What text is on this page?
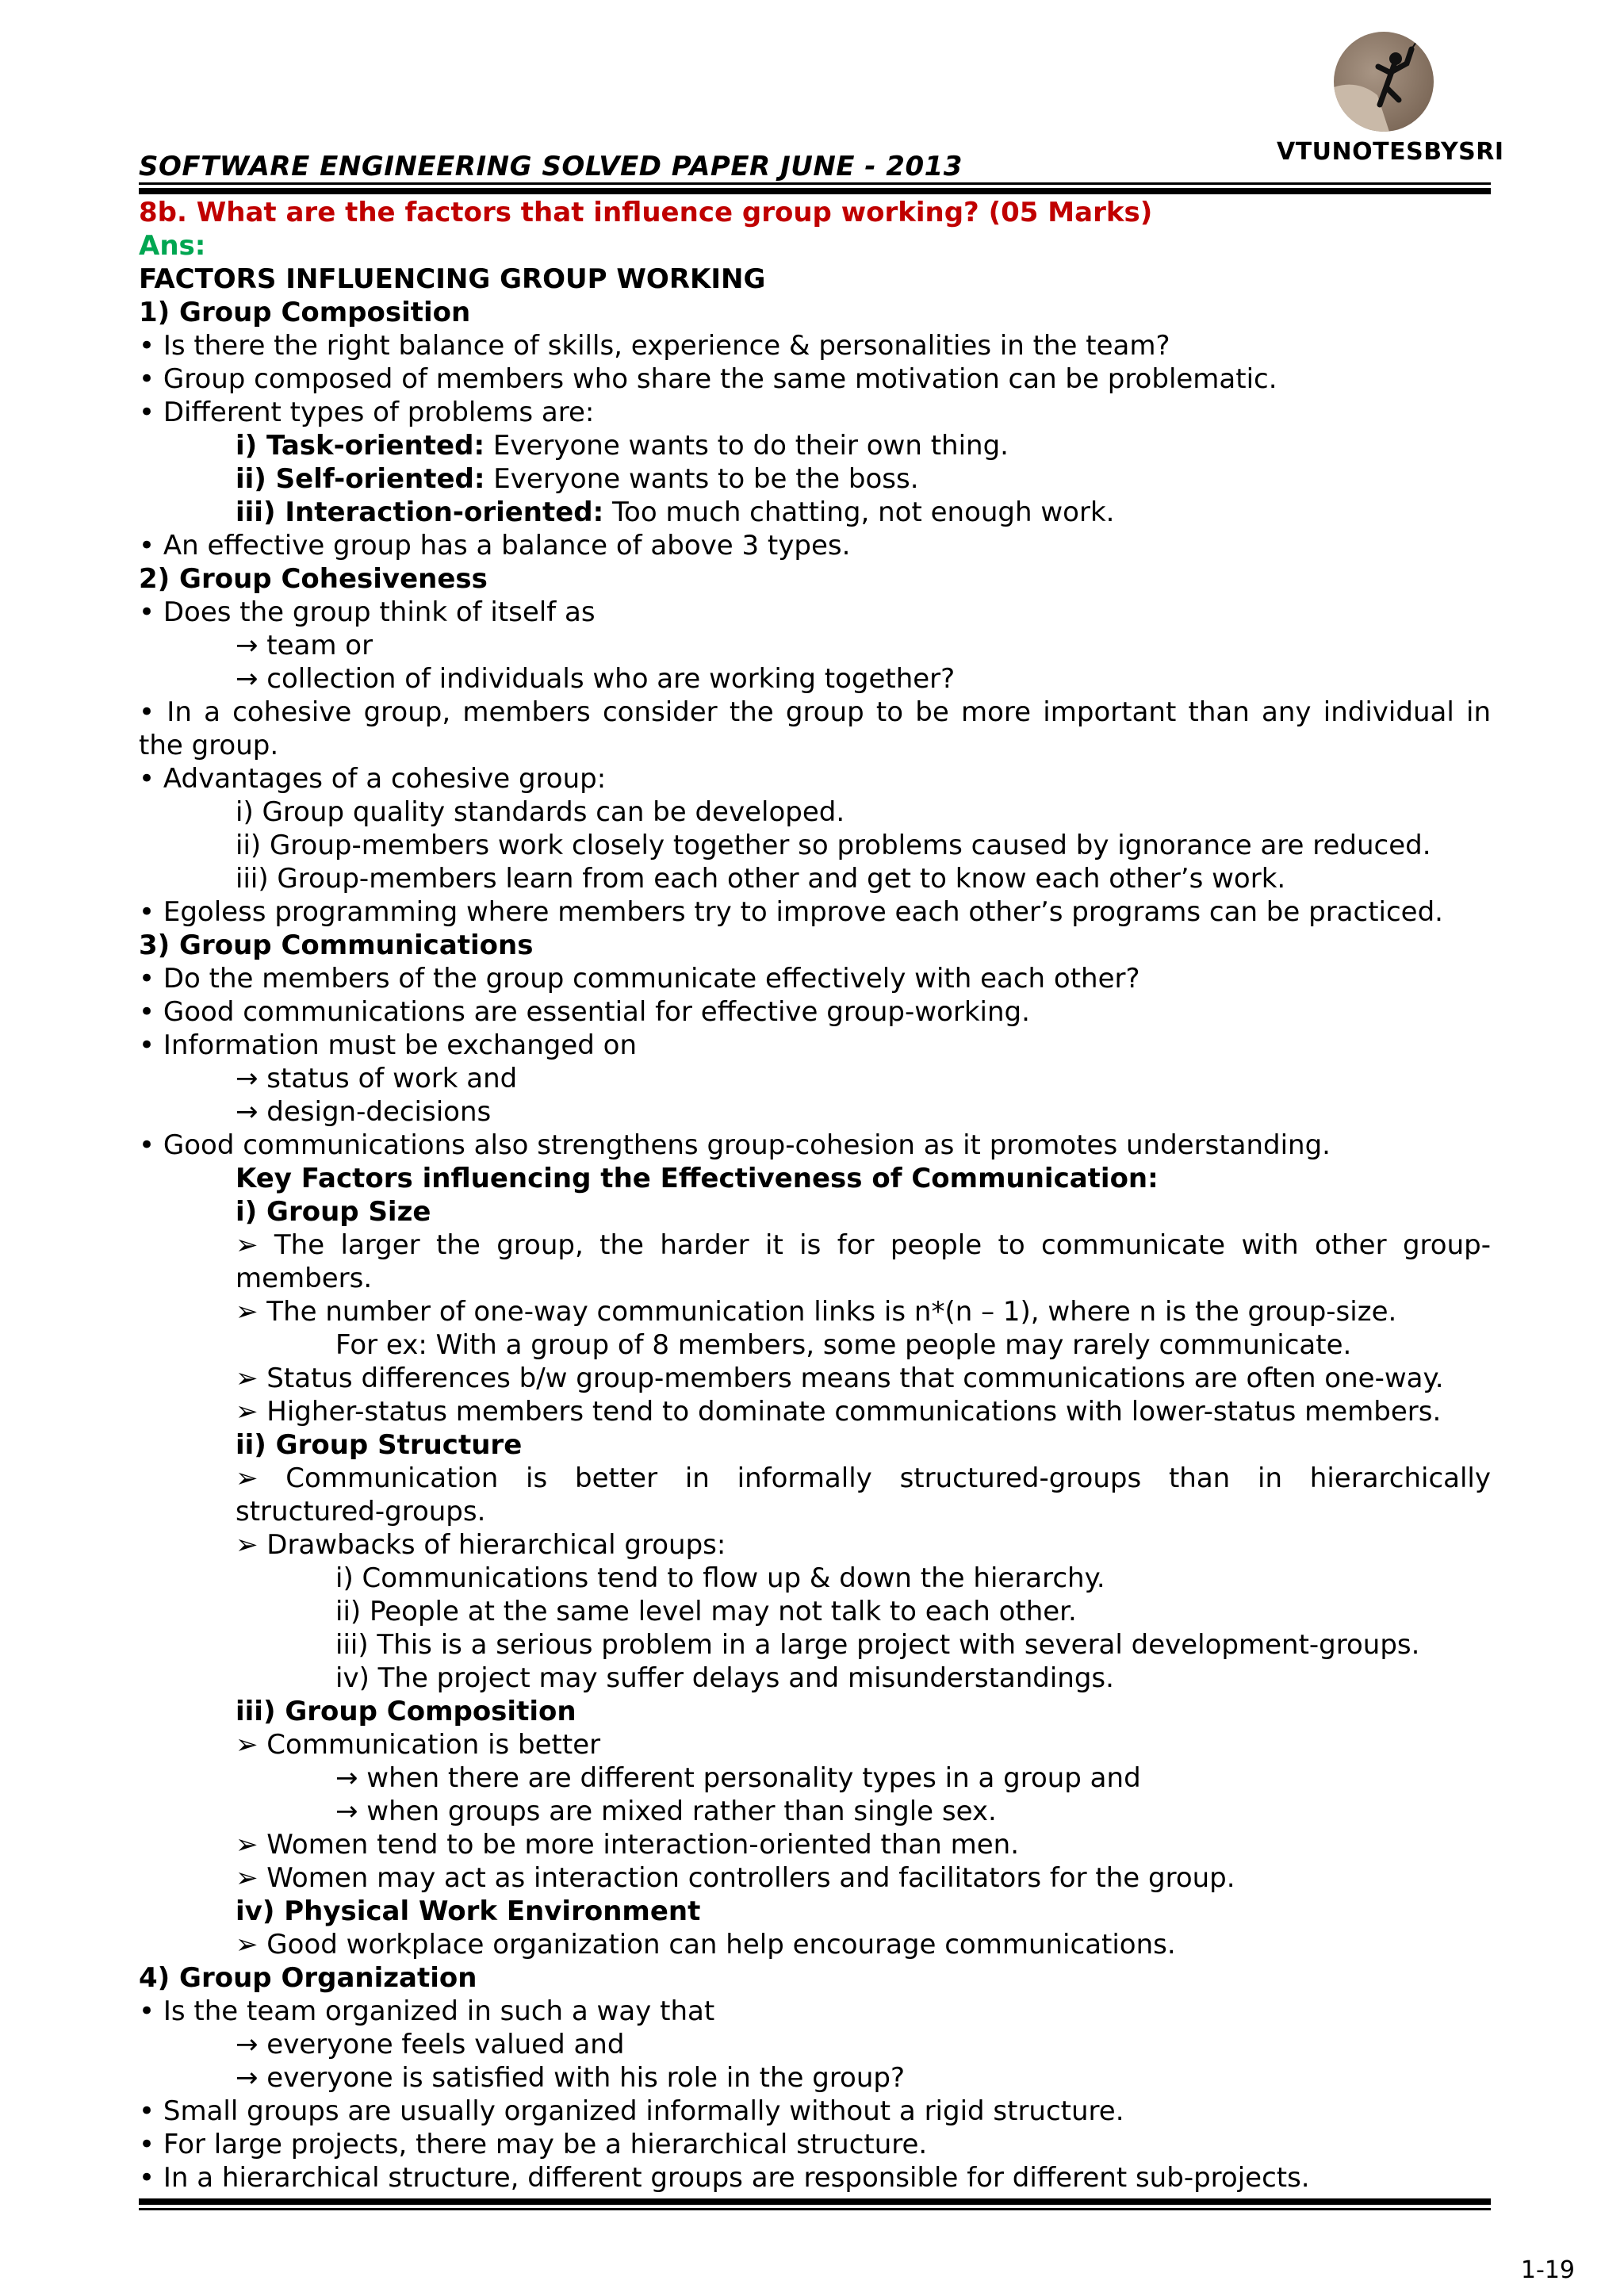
SOFTWARE ENGINEERING SOLVED PAPER JUNE - 2013	VTUNOTESBYSRI

8b. What are the factors that influence group working? (05 Marks)

Ans:

FACTORS INFLUENCING GROUP WORKING

1) Group Composition

• Is there the right balance of skills, experience & personalities in the team?

• Group composed of members who share the same motivation can be problematic.

• Different types of problems are:

i) Task-oriented: Everyone wants to do their own thing.

ii) Self-oriented: Everyone wants to be the boss.

iii) Interaction-oriented: Too much chatting, not enough work.

• An effective group has a balance of above 3 types.

2) Group Cohesiveness

• Does the group think of itself as

→ team or

→ collection of individuals who are working together?

• In a cohesive group, members consider the group to be more important than any individual in

the group.

• Advantages of a cohesive group:

i) Group quality standards can be developed.

ii) Group-members work closely together so problems caused by ignorance are reduced.

iii) Group-members learn from each other and get to know each other’s work.

• Egoless programming where members try to improve each other’s programs can be practiced.

3) Group Communications

• Do the members of the group communicate effectively with each other?

• Good communications are essential for effective group-working.

• Information must be exchanged on

→ status of work and

→ design-decisions

• Good communications also strengthens group-cohesion as it promotes understanding.

Key Factors influencing the Effectiveness of Communication:

i) Group Size

➢ The larger the group, the harder it is for people to communicate with other group-

members.

➢ The number of one-way communication links is n*(n – 1), where n is the group-size.

For ex: With a group of 8 members, some people may rarely communicate.

➢ Status differences b/w group-members means that communications are often one-way.

➢ Higher-status members tend to dominate communications with lower-status members.

ii) Group Structure

➢ Communication is better in informally structured-groups than in hierarchically

structured-groups.

➢ Drawbacks of hierarchical groups:

i) Communications tend to flow up & down the hierarchy.

ii) People at the same level may not talk to each other.

iii) This is a serious problem in a large project with several development-groups.

iv) The project may suffer delays and misunderstandings.

iii) Group Composition

➢ Communication is better

→ when there are different personality types in a group and

→ when groups are mixed rather than single sex.

➢ Women tend to be more interaction-oriented than men.

➢ Women may act as interaction controllers and facilitators for the group.

iv) Physical Work Environment

➢ Good workplace organization can help encourage communications.

4) Group Organization

• Is the team organized in such a way that

→ everyone feels valued and

→ everyone is satisfied with his role in the group?

• Small groups are usually organized informally without a rigid structure.

• For large projects, there may be a hierarchical structure.

• In a hierarchical structure, different groups are responsible for different sub-projects.

1-19
